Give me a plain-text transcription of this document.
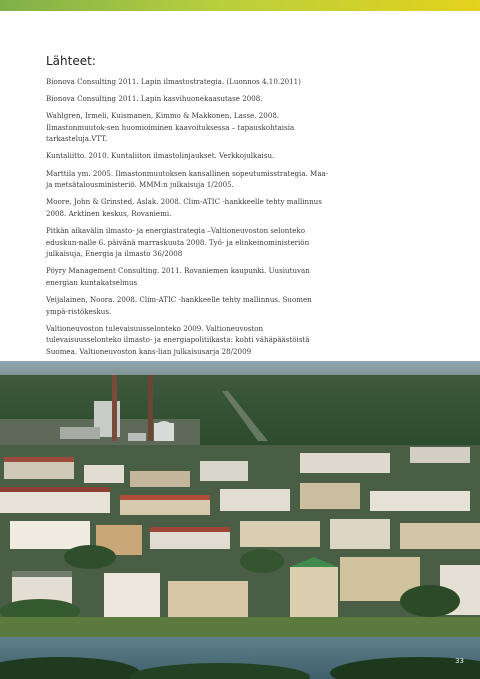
Lähteet:

Bionova Consulting 2011. Lapin ilmastostrategia. (Luonnos 4.10.2011)

Bionova Consulting 2011. Lapin kasvihuonekaasutase 2008.

Wahlgren, Irmeli, Kuismanen, Kimmo & Makkonen, Lasse. 2008. Ilmastonmuutok-sen huomioiminen kaavoituksessa – tapauskohtaisia tarkasteluja.VTT.

Kuntaliitto. 2010. Kuntaliiton ilmastolinjaukset. Verkkojulkaisu.

Marttila ym. 2005. Ilmastonmuutoksen kansallinen sopeutumisstrategia. Maa- ja metsätalousministeriö. MMM:n julkaisuja 1/2005.

Moore, John & Grinsted, Aslak. 2008. Clim-ATIC -hankkeelle tehty mallinnus 2008. Arktinen keskus, Rovaniemi.

Pitkän aikavälin ilmasto- ja energiastrategia –Valtioneuvoston selonteko eduskun-nalle 6. päivänä marraskuuta 2008. Työ- ja elinkeinoministeriön julkaisuja, Energia ja ilmasto 36/2008

Pöyry Management Consulting. 2011. Rovaniemen kaupunki. Uusiutuvan energian kuntakatselmus

Veijalainen, Noora. 2008. Clim-ATIC -hankkeelle tehty mallinnus. Suomen ympä-ristökeskus.

Valtioneuvoston tulevaisuusselonteko 2009. Valtioneuvoston tulevaisuusselonteko ilmasto- ja energiapolitiikasta: kohti vähäpäästöistä Suomea. Valtioneuvoston kans-lian julkaisusarja 28/2009

33
